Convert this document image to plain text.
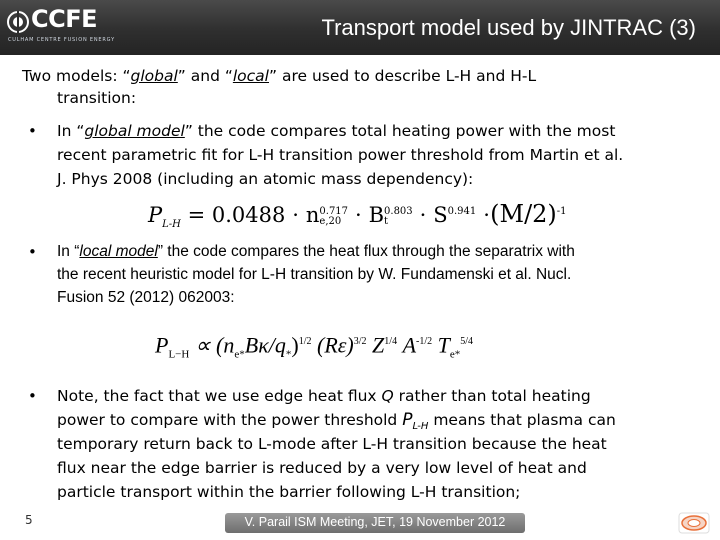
CCFE
CULHAM CENTRE FUSION ENERGY	Transport model used by JINTRAC (3)
Two models: “global” and “local” are used to describe L-H and H-L
transition:
• In “global model” the code compares total heating power with the most
recent parametric fit for L-H transition power threshold from Martin et al.
J. Phys 2008 (including an atomic mass dependency):
$P_{L-H} = 0.0488 \cdot n0.717$
e,20 ⋅ B0.803
$t \cdot S^{0.941} \cdot(M/2)^{-1}$
• In “local model” the code compares the heat flux through the separatrix with
the recent heuristic model for L-H transition by W. Fundamenski et al. Nucl.
Fusion 52 (2012) 062003:
$P_{L-H} \propto (n_{e*}B\kappa/q_*)^{1/2}$ $(R\varepsilon)^{3/2}$ $Z^{1/4}$ $A^{-1/2}$ $T_{e*}^{5/4}$
• Note, the fact that we use edge heat flux Q rather than total heating
power to compare with the power threshold $P_{L-H}$ means that plasma can
temporary return back to L-mode after L-H transition because the heat
flux near the edge barrier is reduced by a very low level of heat and
particle transport within the barrier following L-H transition;
5	V. Parail ISM Meeting, JET, 19 November 2012
